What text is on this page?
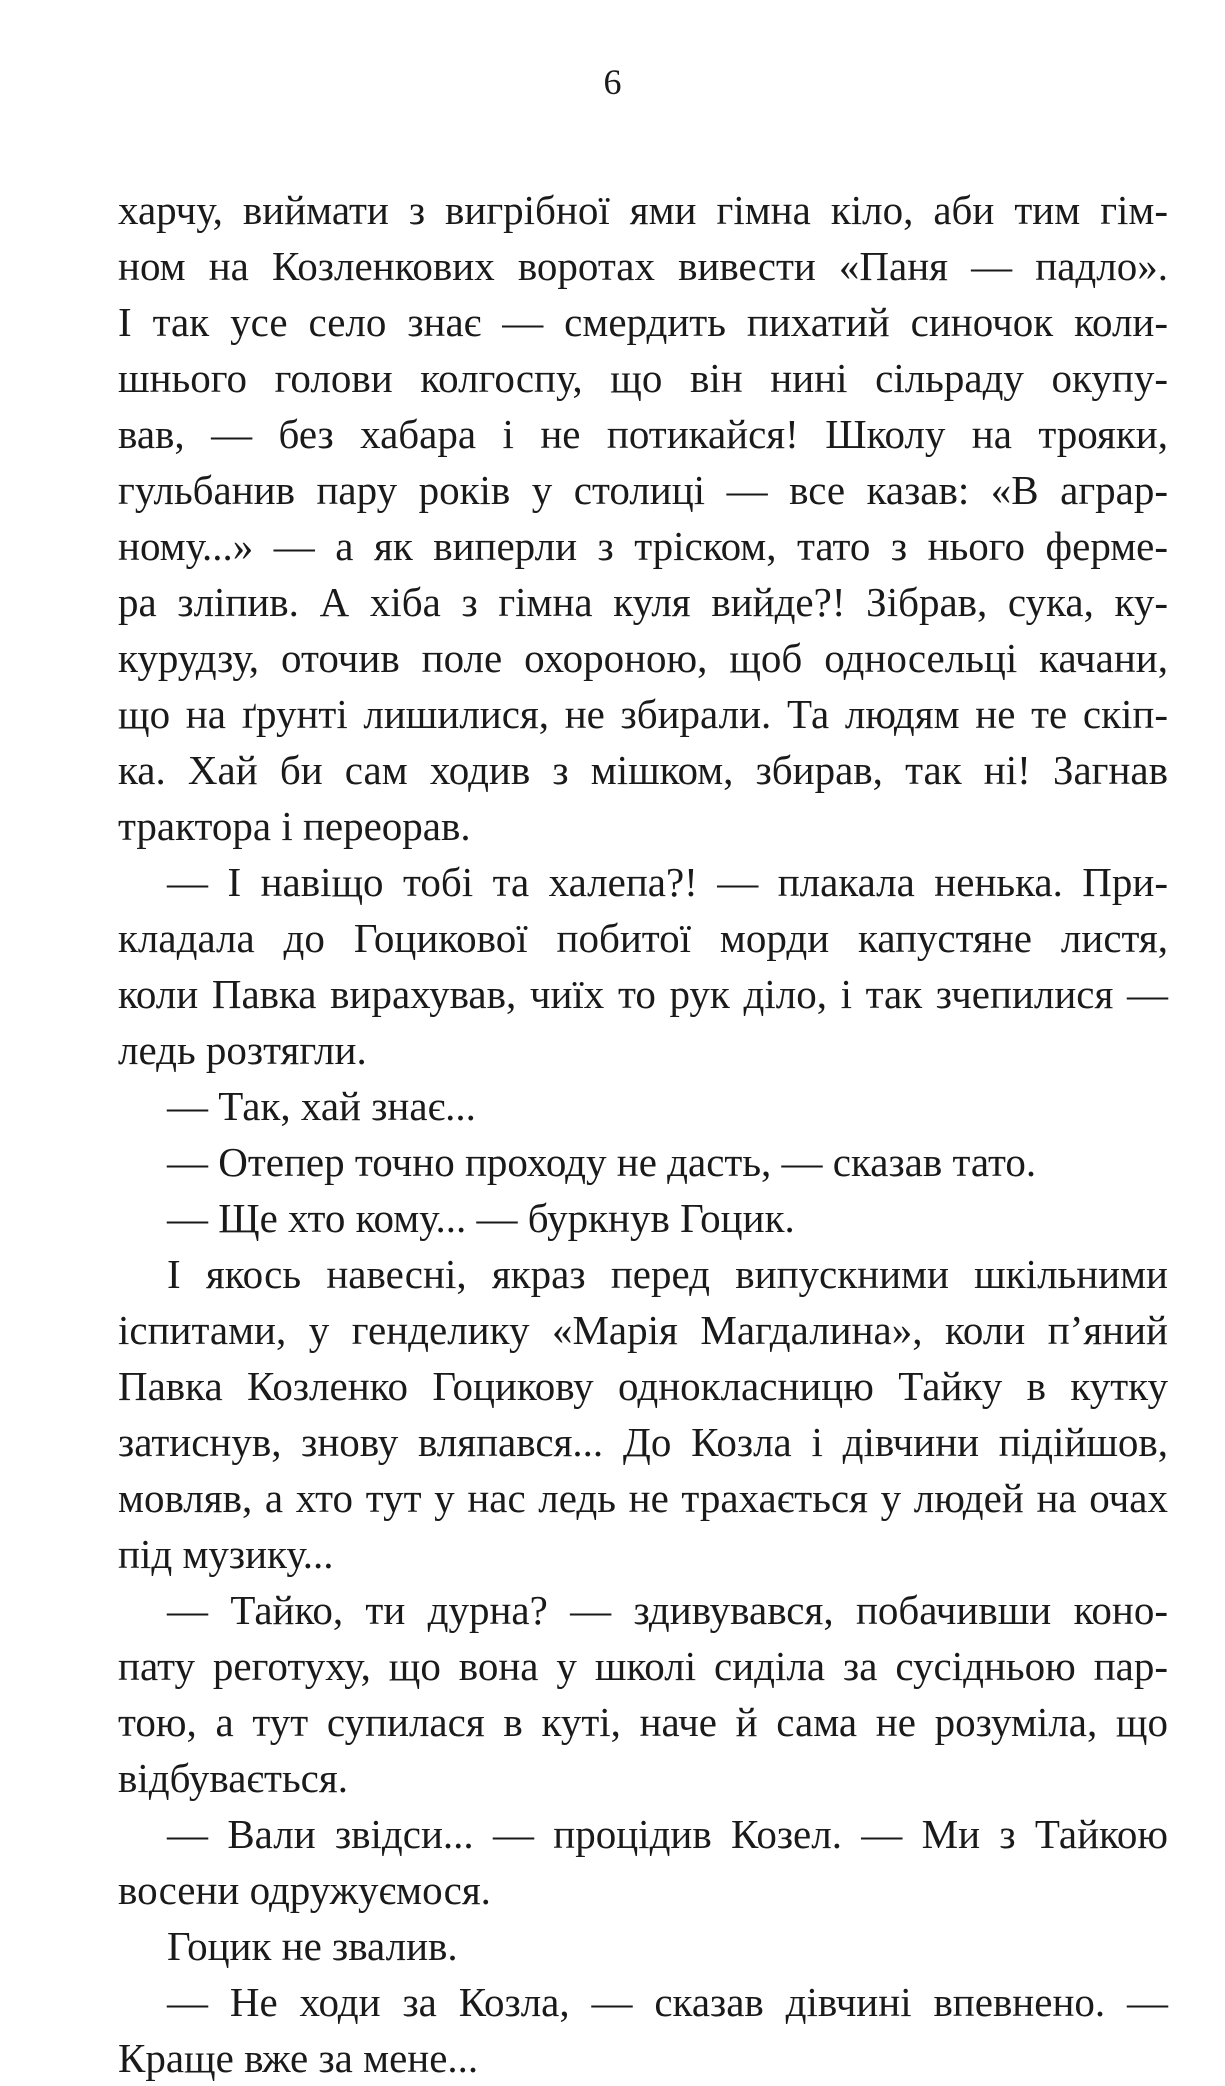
6
харчу, виймати з вигрібної ями гімна кіло, аби тим гім-
ном на Козленкових воротах вивести «Паня — падло».
І так усе село знає — смердить пихатий синочок коли-
шнього голови колгоспу, що він нині сільраду окупу-
вав, — без хабара і не потикайся! Школу на трояки,
гульбанив пару років у столиці — все казав: «В аграр-
ному...» — а як виперли з тріском, тато з нього ферме-
ра зліпив. А хіба з гімна куля вийде?! Зібрав, сука, ку-
курудзу, оточив поле охороною, щоб односельці качани,
що на ґрунті лишилися, не збирали. Та людям не те скіп-
ка. Хай би сам ходив з мішком, збирав, так ні! Загнав
трактора і переорав.
— І навіщо тобі та халепа?! — плакала ненька. При-
кладала до Гоцикової побитої морди капустяне листя,
коли Павка вирахував, чиїх то рук діло, і так зчепилися —
ледь розтягли.
— Так, хай знає...
— Отепер точно проходу не дасть, — сказав тато.
— Ще хто кому... — буркнув Гоцик.
І якось навесні, якраз перед випускними шкільними
іспитами, у генделику «Марія Магдалина», коли п’яний
Павка Козленко Гоцикову однокласницю Тайку в кутку
затиснув, знову вляпався... До Козла і дівчини підійшов,
мовляв, а хто тут у нас ледь не трахається у людей на очах
під музику...
— Тайко, ти дурна? — здивувався, побачивши коно-
пату реготуху, що вона у школі сиділа за сусідньою пар-
тою, а тут супилася в куті, наче й сама не розуміла, що
відбувається.
— Вали звідси... — процідив Козел. — Ми з Тайкою
восени одружуємося.
Гоцик не звалив.
— Не ходи за Козла, — сказав дівчині впевнено. —
Краще вже за мене...
